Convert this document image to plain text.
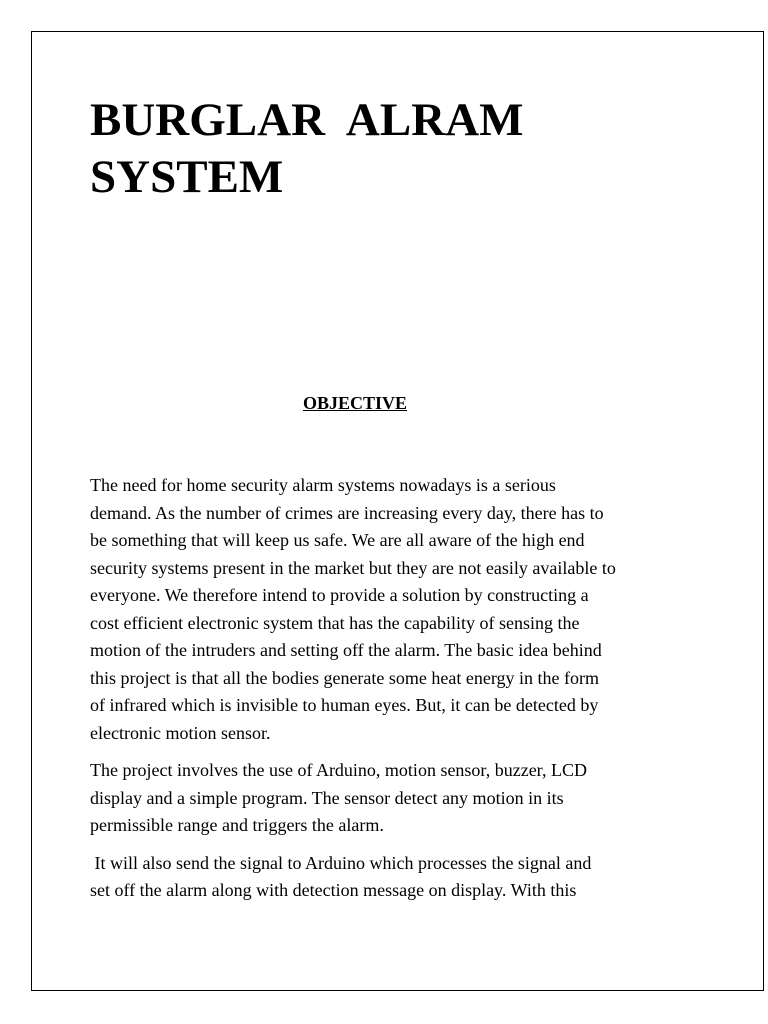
BURGLAR  ALRAM
SYSTEM
OBJECTIVE

The need for home security alarm systems nowadays is a serious
demand. As the number of crimes are increasing every day, there has to
be something that will keep us safe. We are all aware of the high end
security systems present in the market but they are not easily available to
everyone. We therefore intend to provide a solution by constructing a
cost efficient electronic system that has the capability of sensing the
motion of the intruders and setting off the alarm. The basic idea behind
this project is that all the bodies generate some heat energy in the form
of infrared which is invisible to human eyes. But, it can be detected by
electronic motion sensor.

The project involves the use of Arduino, motion sensor, buzzer, LCD
display and a simple program. The sensor detect any motion in its
permissible range and triggers the alarm.

It will also send the signal to Arduino which processes the signal and
set off the alarm along with detection message on display. With this
